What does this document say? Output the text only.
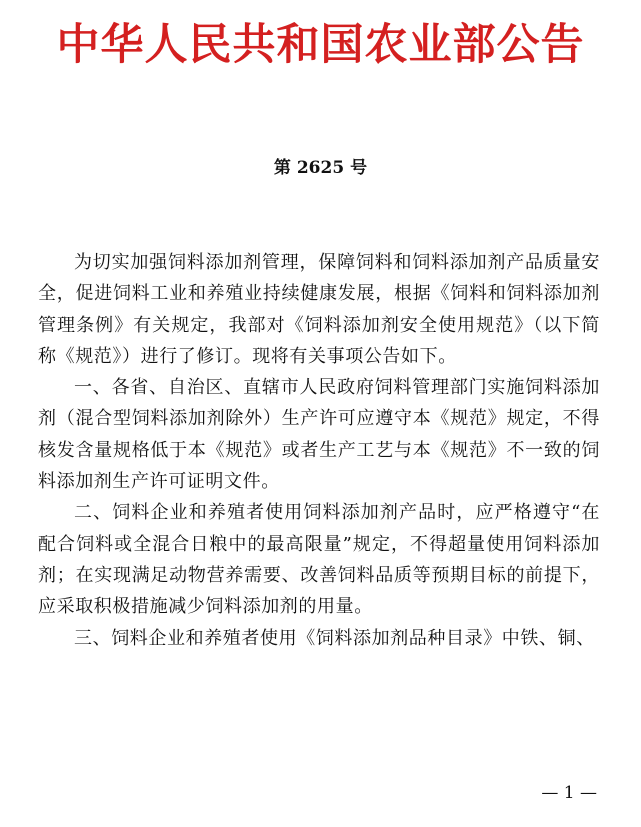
中华人民共和国农业部公告
第 2625 号

为切实加强饲料添加剂管理，保障饲料和饲料添加剂产品质量安全，促进饲料工业和养殖业持续健康发展，根据《饲料和饲料添加剂管理条例》有关规定，我部对《饲料添加剂安全使用规范》（以下简称《规范》）进行了修订。现将有关事项公告如下。

一、各省、自治区、直辖市人民政府饲料管理部门实施饲料添加剂（混合型饲料添加剂除外）生产许可应遵守本《规范》规定，不得核发含量规格低于本《规范》或者生产工艺与本《规范》不一致的饲料添加剂生产许可证明文件。

二、饲料企业和养殖者使用饲料添加剂产品时，应严格遵守“在配合饲料或全混合日粮中的最高限量”规定，不得超量使用饲料添加剂；在实现满足动物营养需要、改善饲料品质等预期目标的前提下，应采取积极措施减少饲料添加剂的用量。

三、饲料企业和养殖者使用《饲料添加剂品种目录》中铁、铜、

— 1 —
